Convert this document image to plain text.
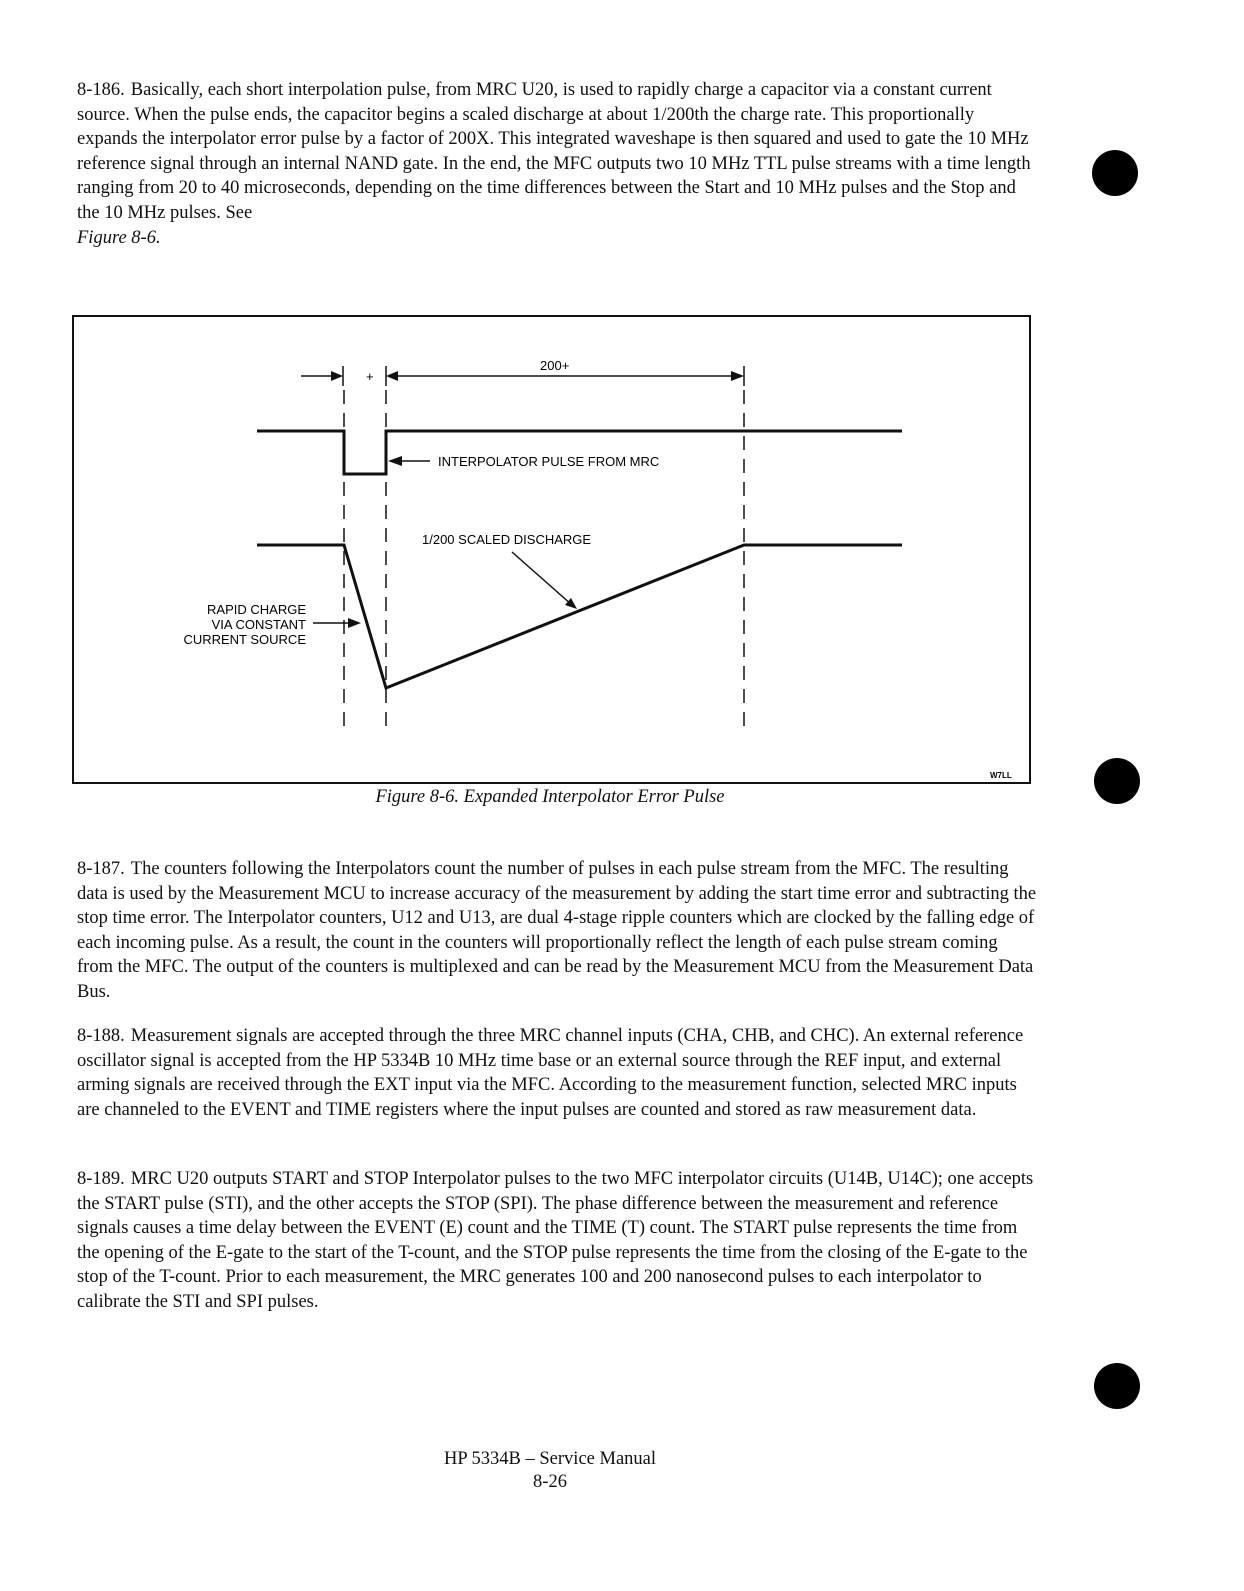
8-186. Basically, each short interpolation pulse, from MRC U20, is used to rapidly charge a capacitor via a constant current source. When the pulse ends, the capacitor begins a scaled discharge at about 1/200th the charge rate. This proportionally expands the interpolator error pulse by a factor of 200X. This integrated waveshape is then squared and used to gate the 10 MHz reference signal through an internal NAND gate. In the end, the MFC outputs two 10 MHz TTL pulse streams with a time length ranging from 20 to 40 microseconds, depending on the time differences between the Start and 10 MHz pulses and the Stop and the 10 MHz pulses. See
Figure 8-6.
+
200+
INTERPOLATOR PULSE FROM MRC
1/200 SCALED DISCHARGE
RAPID CHARGE
VIA CONSTANT
CURRENT SOURCE
W7LL
Figure 8-6. Expanded Interpolator Error Pulse
8-187. The counters following the Interpolators count the number of pulses in each pulse stream from the MFC. The resulting data is used by the Measurement MCU to increase accuracy of the measurement by adding the start time error and subtracting the stop time error. The Interpolator counters, U12 and U13, are dual 4-stage ripple counters which are clocked by the falling edge of each incoming pulse. As a result, the count in the counters will proportionally reflect the length of each pulse stream coming from the MFC. The output of the counters is multiplexed and can be read by the Measurement MCU from the Measurement Data Bus.
8-188. Measurement signals are accepted through the three MRC channel inputs (CHA, CHB, and CHC). An external reference oscillator signal is accepted from the HP 5334B 10 MHz time base or an external source through the REF input, and external arming signals are received through the EXT input via the MFC. According to the measurement function, selected MRC inputs are channeled to the EVENT and TIME registers where the input pulses are counted and stored as raw measurement data.
8-189. MRC U20 outputs START and STOP Interpolator pulses to the two MFC interpolator circuits (U14B, U14C); one accepts the START pulse (STI), and the other accepts the STOP (SPI). The phase difference between the measurement and reference signals causes a time delay between the EVENT (E) count and the TIME (T) count. The START pulse represents the time from the opening of the E-gate to the start of the T-count, and the STOP pulse represents the time from the closing of the E-gate to the stop of the T-count. Prior to each measurement, the MRC generates 100 and 200 nanosecond pulses to each interpolator to calibrate the STI and SPI pulses.
HP 5334B – Service Manual
8-26
